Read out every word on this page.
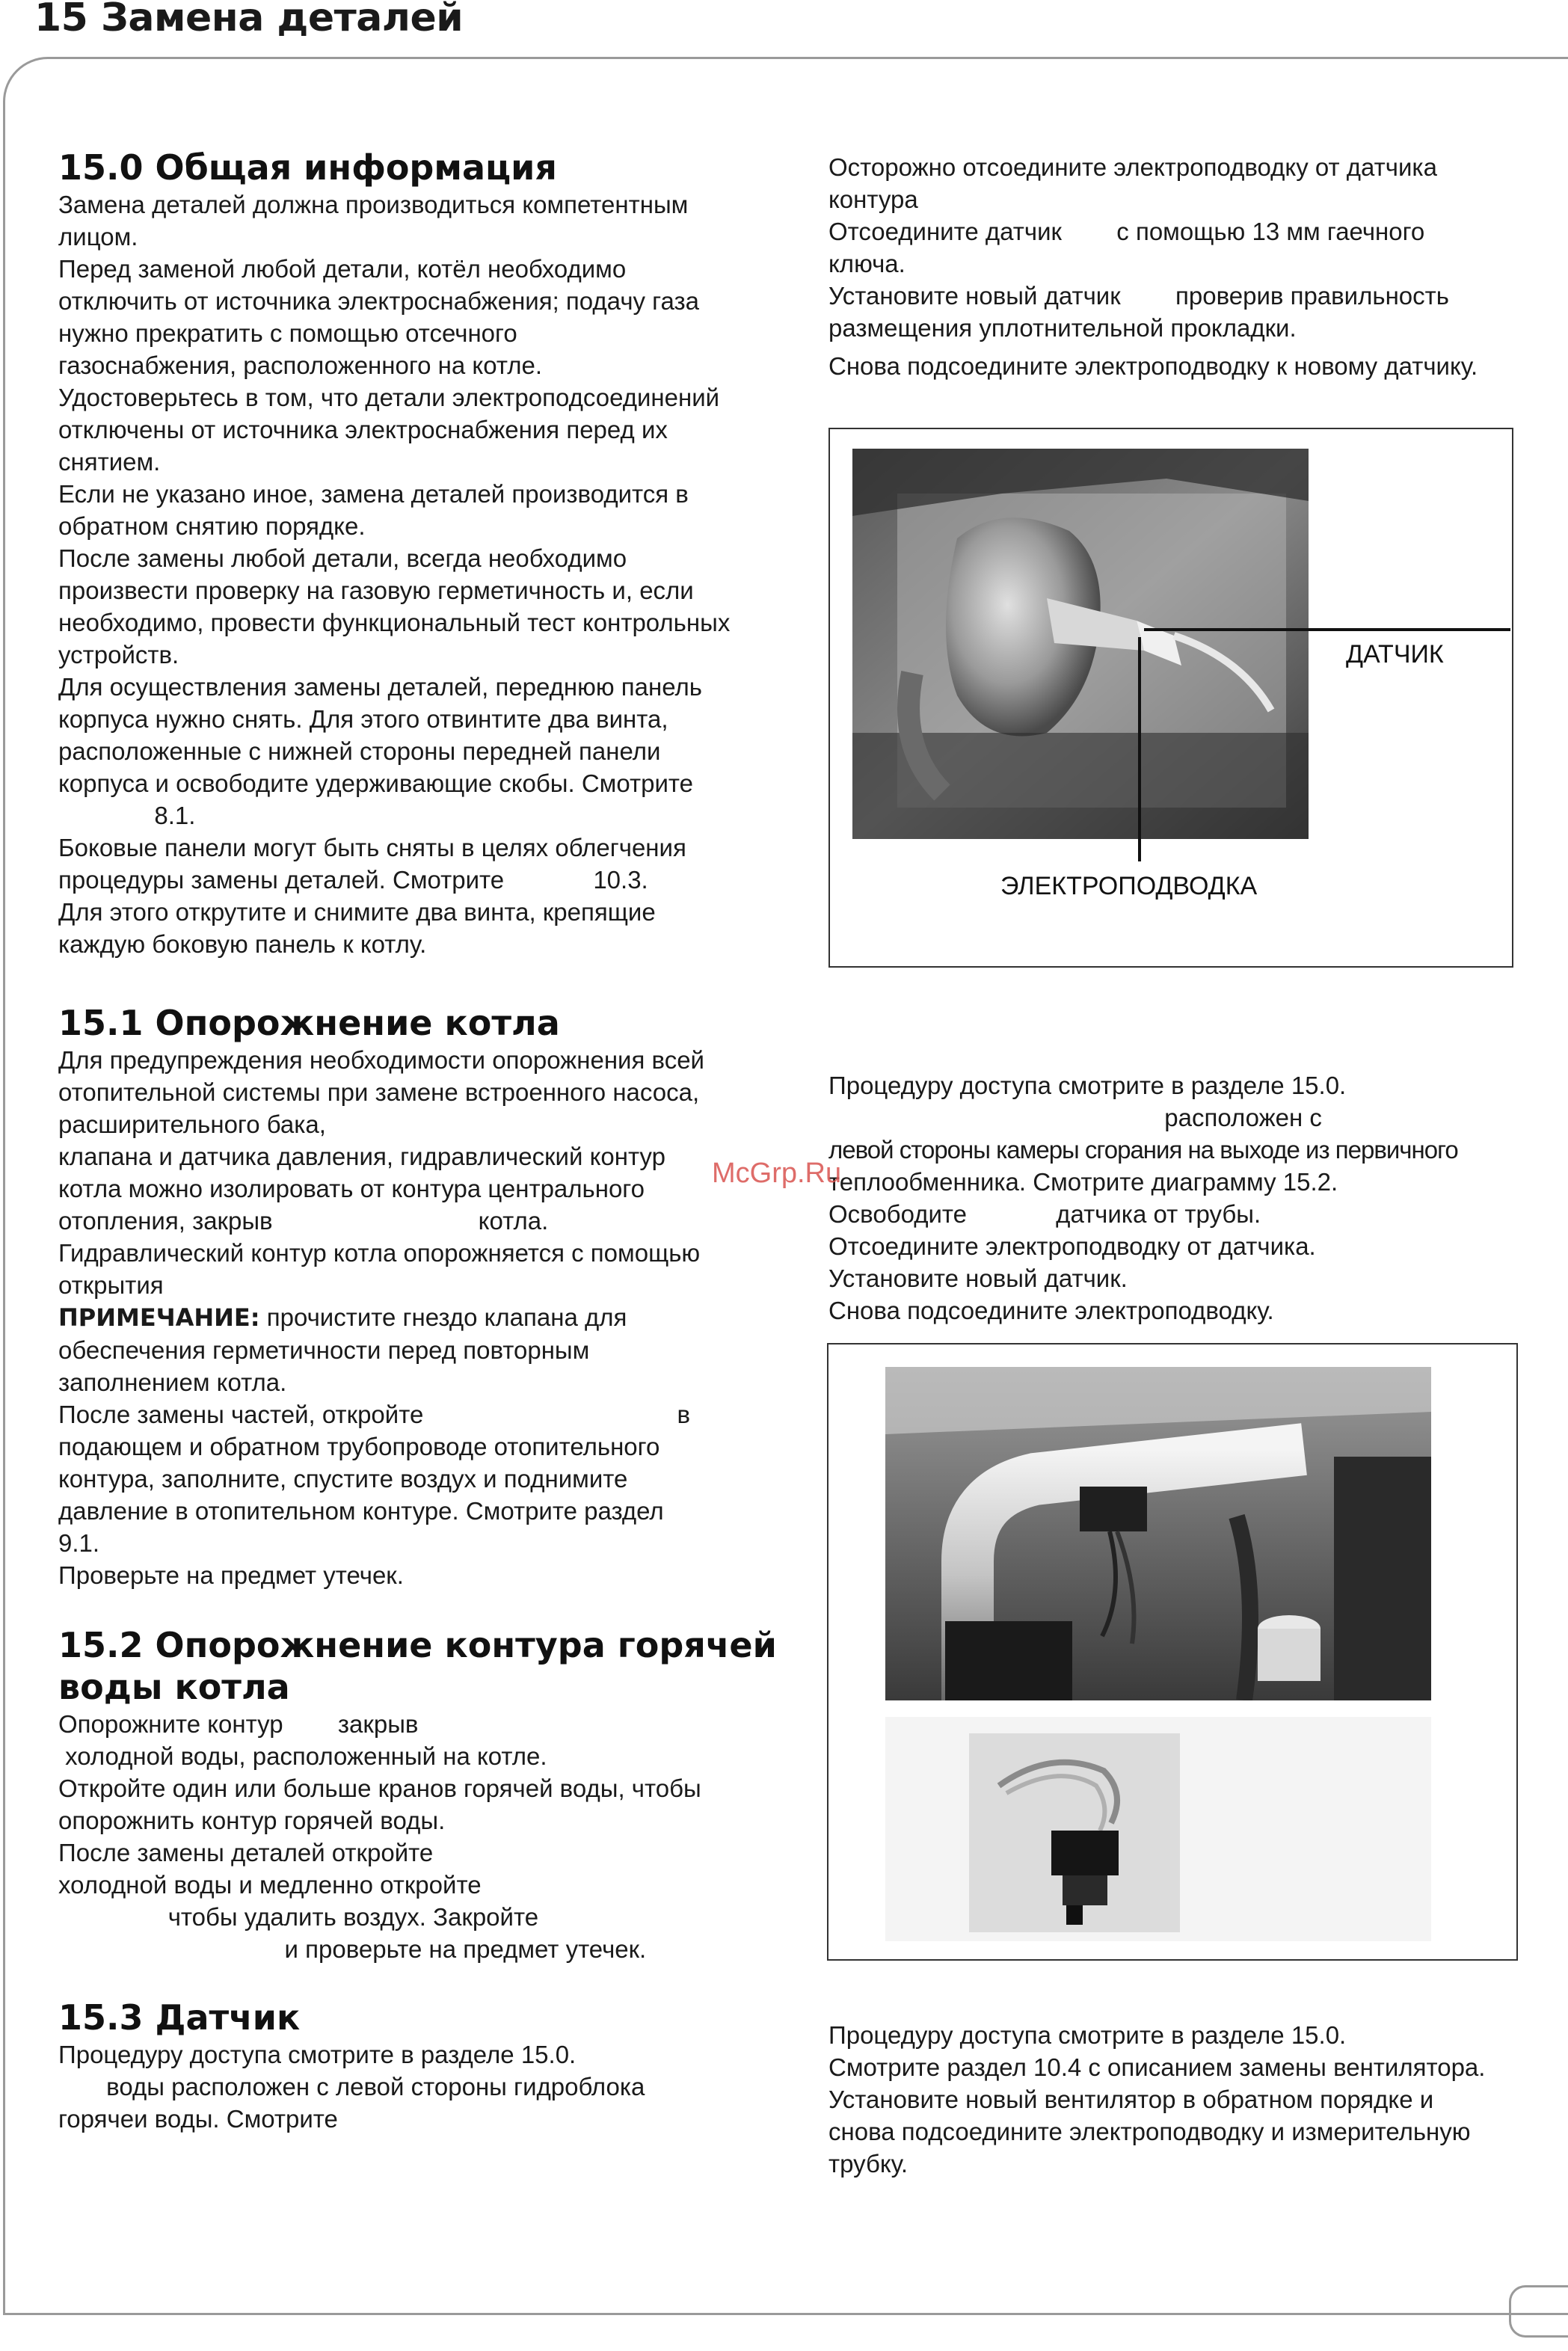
15 Замена деталей
15.0 Общая информация

Замена деталей должна производиться компетентным

лицом.

Перед заменой любой детали, котёл необходимо

отключить от источника электроснабжения; подачу газа

нужно прекратить с помощью отсечного

газоснабжения, расположенного на котле.

Удостоверьтесь в том, что детали электроподсоединений

отключены от источника электроснабжения перед их

снятием.

Если не указано иное, замена деталей производится в

обратном снятию порядке.

После замены любой детали, всегда необходимо

произвести проверку на газовую герметичность и, если

необходимо, провести функциональный тест контрольных

устройств.

Для осуществления замены деталей, переднюю панель

корпуса нужно снять. Для этого отвинтите два винта,

расположенные с нижней стороны передней панели

корпуса и освободите удерживающие скобы. Смотрите

8.1.

Боковые панели могут быть сняты в целях облегчения

процедуры замены деталей. Смотрите             10.3.

Для этого открутите и снимите два винта, крепящие

каждую боковую панель к котлу.

15.1 Опорожнение котла

Для предупреждения необходимости опорожнения всей

отопительной системы при замене встроенного насоса,

расширительного бака,

клапана и датчика давления, гидравлический контур

котла можно изолировать от контура центрального

отопления, закрыв                              котла.

Гидравлический контур котла опорожняется с помощью

открытия

ПРИМЕЧАНИЕ: прочистите гнездо клапана для

обеспечения герметичности перед повторным

заполнением котла.

После замены частей, откройте                                     в

подающем и обратном трубопроводе отопительного

контура, заполните, спустите воздух и поднимите

давление в отопительном контуре. Смотрите раздел

9.1.

Проверьте на предмет утечек.

15.2 Опорожнение контура горячей
воды котла

Опорожните контур        закрыв

холодной воды, расположенный на котле.

Откройте один или больше кранов горячей воды, чтобы

опорожнить контур горячей воды.

После замены деталей откройте

холодной воды и медленно откройте

чтобы удалить воздух. Закройте

и проверьте на предмет утечек.

15.3 Датчик

Процедуру доступа смотрите в разделе 15.0.

воды расположен с левой стороны гидроблока

горячеи воды. Смотрите

Осторожно отсоедините электроподводку от датчика

контура

Отсоедините датчик        с помощью 13 мм гаечного

ключа.

Установите новый датчик        проверив правильность

размещения уплотнительной прокладки.

Снова подсоедините электроподводку к новому датчику.

ДАТЧИК
ЭЛЕКТРОПОДВОДКА

Процедуру доступа смотрите в разделе 15.0.

расположен с

левой стороны камеры сгорания на выходе из первичного

теплообменника. Смотрите диаграмму 15.2.

Освободите             датчика от трубы.

Отсоедините электроподводку от датчика.

Установите новый датчик.

Снова подсоедините электроподводку.

McGrp.Ru

Процедуру доступа смотрите в разделе 15.0.

Смотрите раздел 10.4 с описанием замены вентилятора.

Установите новый вентилятор в обратном порядке и

снова подсоедините электроподводку и измерительную

трубку.
